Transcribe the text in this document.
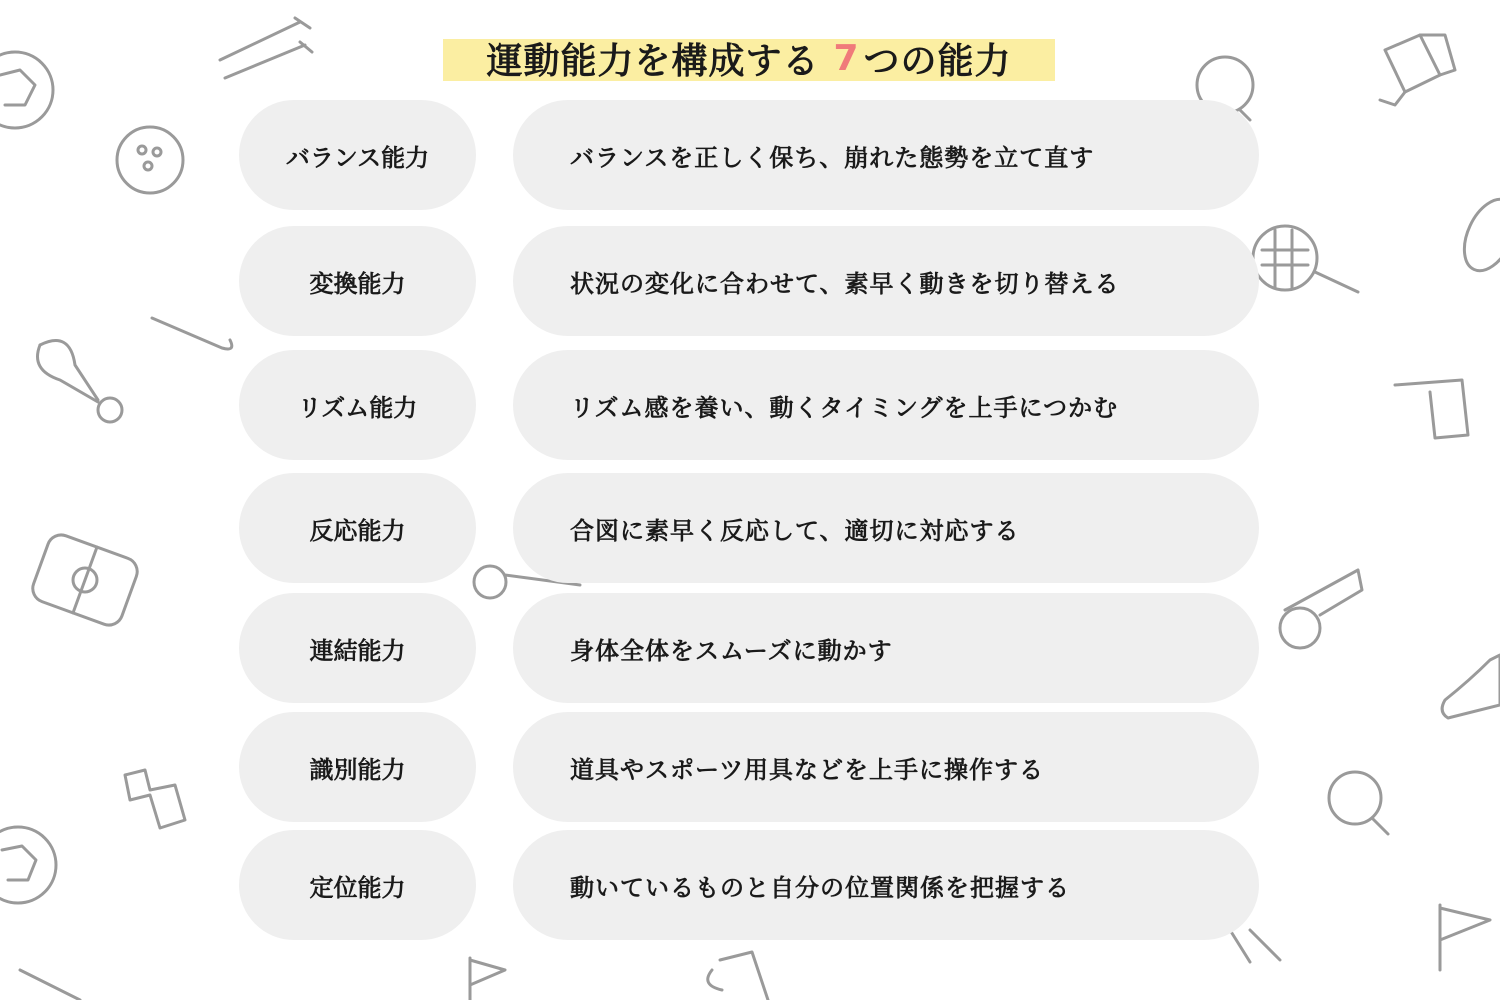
運動能力を構成する 7 つの能力
バランス能力	バランスを正しく保ち、崩れた態勢を立て直す
変換能力	状況の変化に合わせて、素早く動きを切り替える
リズム能力	リズム感を養い、動くタイミングを上手につかむ
反応能力	合図に素早く反応して、適切に対応する
連結能力	身体全体をスムーズに動かす
識別能力	道具やスポーツ用具などを上手に操作する
定位能力	動いているものと自分の位置関係を把握する
